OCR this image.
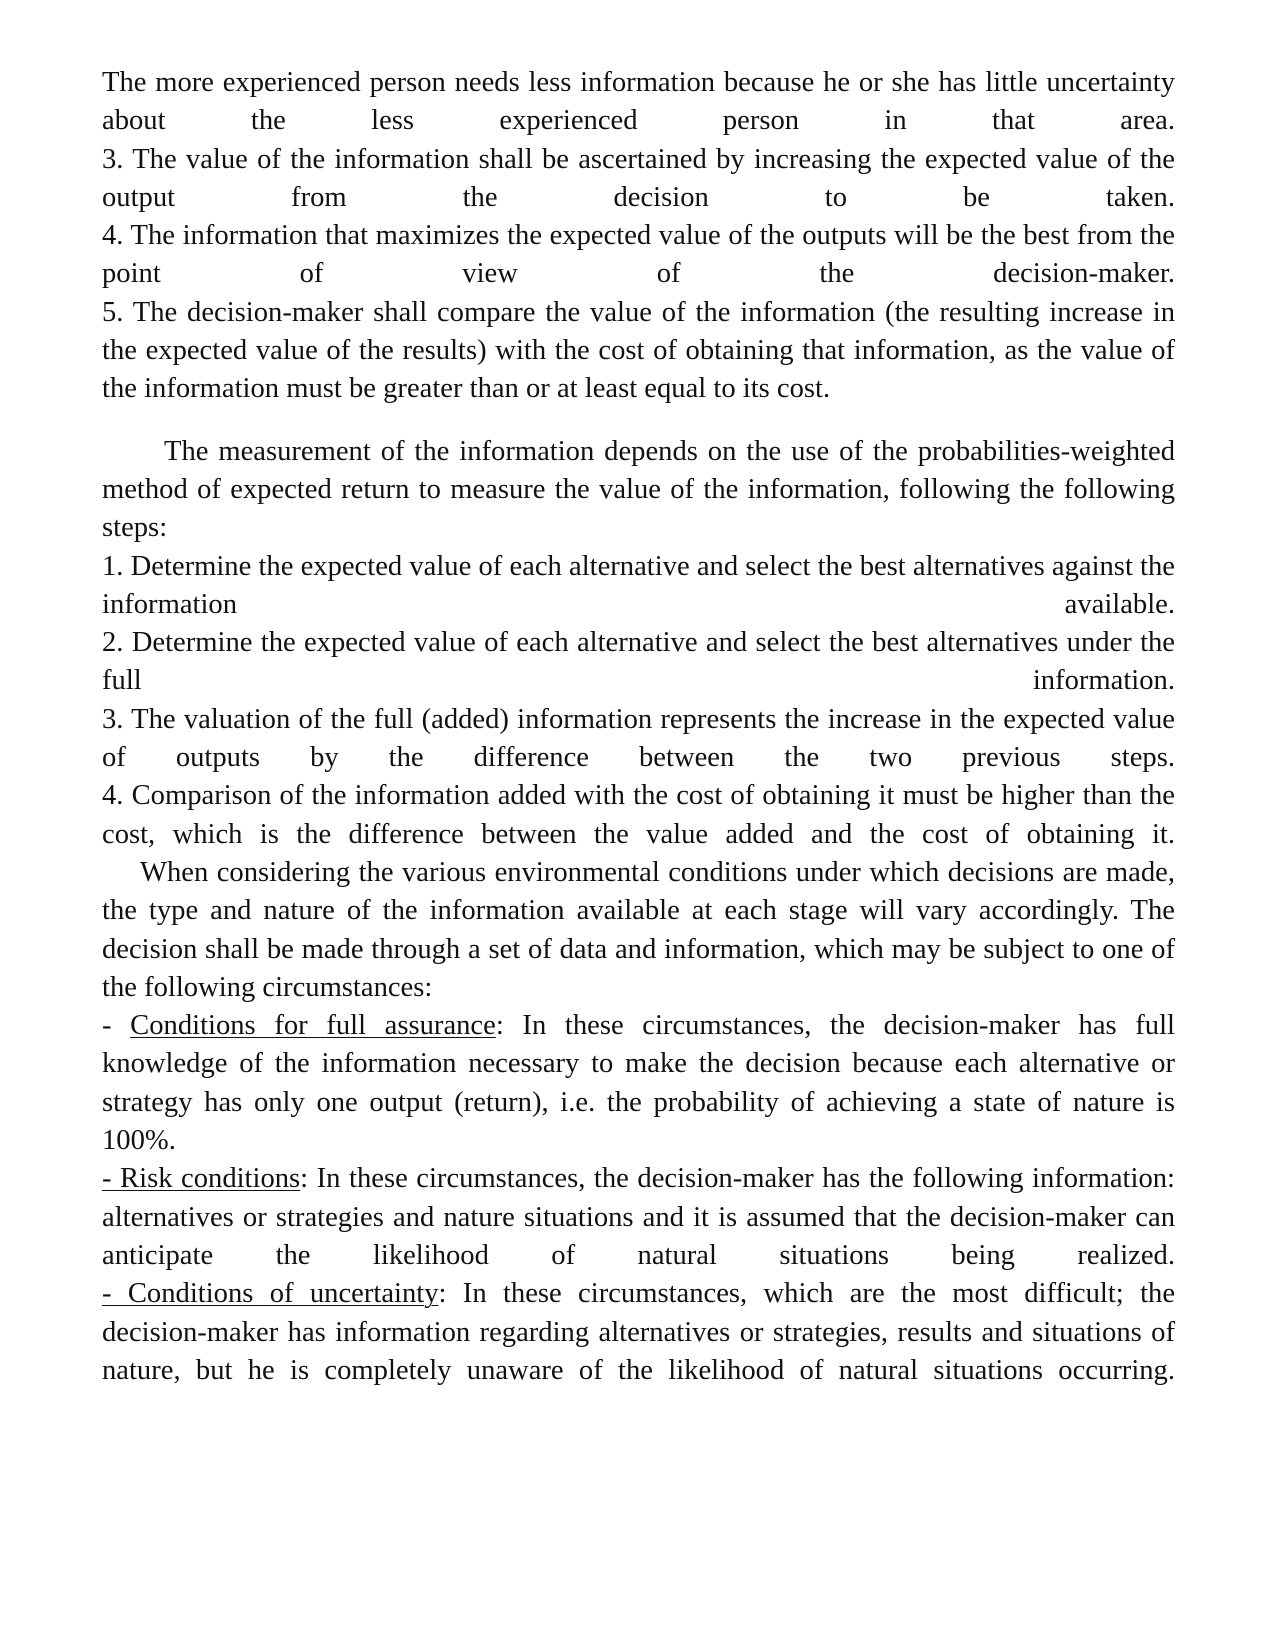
The more experienced person needs less information because he or she has little uncertainty about the less experienced person in that area.

3. The value of the information shall be ascertained by increasing the expected value of the output from the decision to be taken.

4. The information that maximizes the expected value of the outputs will be the best from the point of view of the decision-maker.

5. The decision-maker shall compare the value of the information (the resulting increase in the expected value of the results) with the cost of obtaining that information, as the value of the information must be greater than or at least equal to its cost.

The measurement of the information depends on the use of the probabilities-weighted method of expected return to measure the value of the information, following the following steps:

1. Determine the expected value of each alternative and select the best alternatives against the information available.

2. Determine the expected value of each alternative and select the best alternatives under the full information.

3. The valuation of the full (added) information represents the increase in the expected value of outputs by the difference between the two previous steps.

4. Comparison of the information added with the cost of obtaining it must be higher than the cost, which is the difference between the value added and the cost of obtaining it.

When considering the various environmental conditions under which decisions are made, the type and nature of the information available at each stage will vary accordingly. The decision shall be made through a set of data and information, which may be subject to one of the following circumstances:

- Conditions for full assurance: In these circumstances, the decision-maker has full knowledge of the information necessary to make the decision because each alternative or strategy has only one output (return), i.e. the probability of achieving a state of nature is 100%.

- Risk conditions: In these circumstances, the decision-maker has the following information: alternatives or strategies and nature situations and it is assumed that the decision-maker can anticipate the likelihood of natural situations being realized.

- Conditions of uncertainty: In these circumstances, which are the most difficult; the decision-maker has information regarding alternatives or strategies, results and situations of nature, but he is completely unaware of the likelihood of natural situations occurring.
